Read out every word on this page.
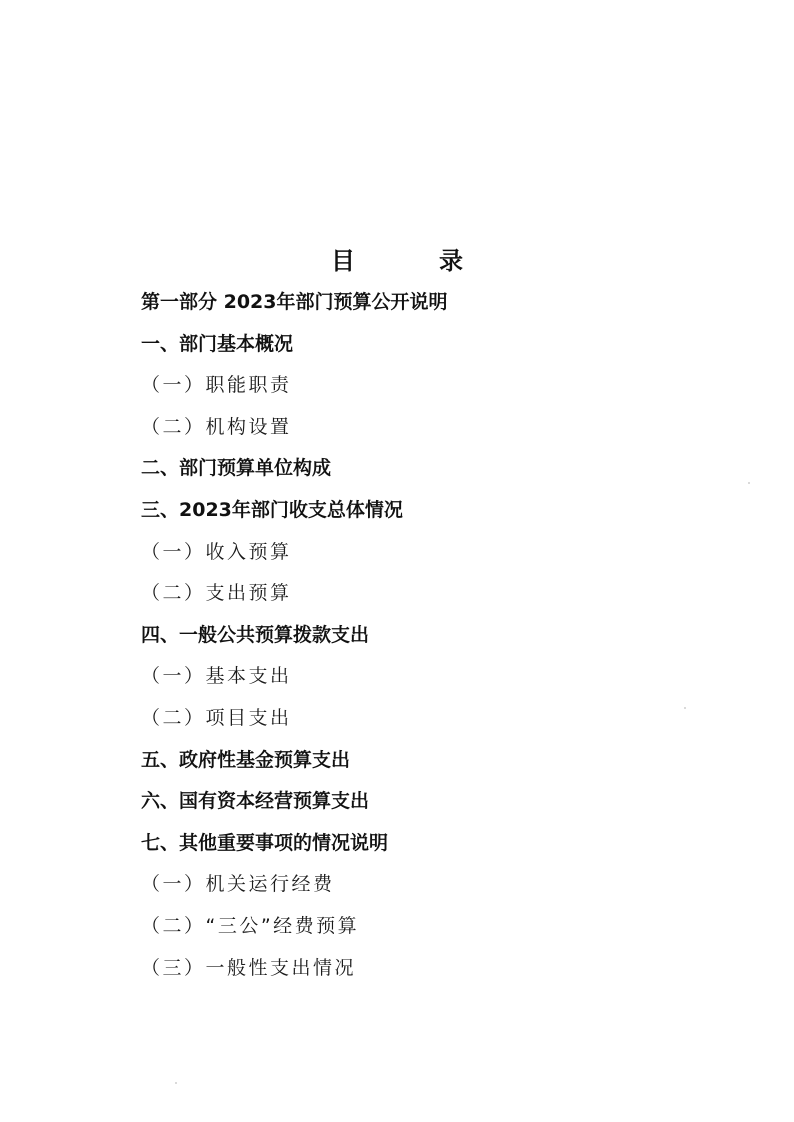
目　录
第一部分 2023年部门预算公开说明
一、部门基本概况
（一）职能职责
（二）机构设置
二、部门预算单位构成
三、2023年部门收支总体情况
（一）收入预算
（二）支出预算
四、一般公共预算拨款支出
（一）基本支出
（二）项目支出
五、政府性基金预算支出
六、国有资本经营预算支出
七、其他重要事项的情况说明
（一）机关运行经费
（二）“三公”经费预算
（三）一般性支出情况
